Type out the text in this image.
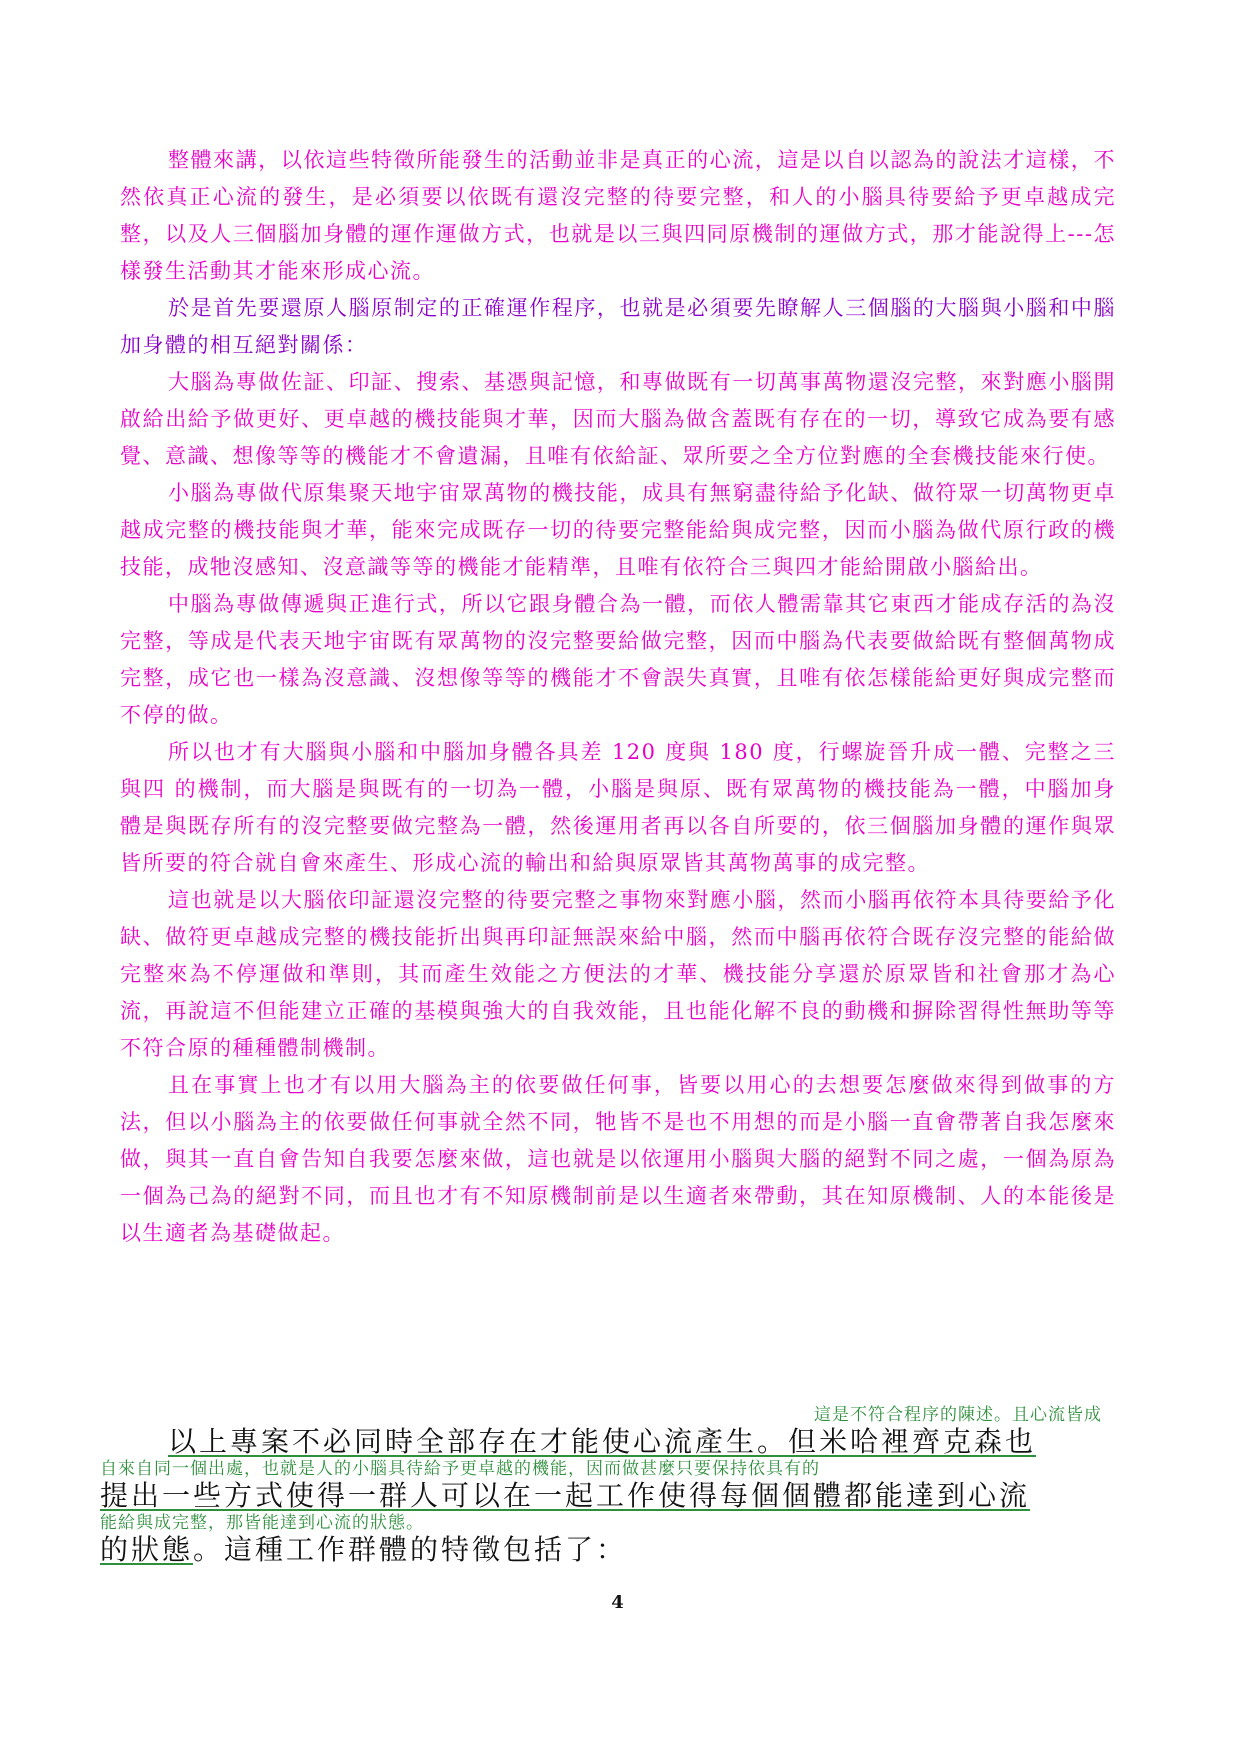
整體來講，以依這些特徵所能發生的活動並非是真正的心流，這是以自以認為的說法才這樣，不然依真正心流的發生，是必須要以依既有還沒完整的待要完整，和人的小腦具待要給予更卓越成完整，以及人三個腦加身體的運作運做方式，也就是以三與四同原機制的運做方式，那才能說得上---怎樣發生活動其才能來形成心流。

於是首先要還原人腦原制定的正確運作程序，也就是必須要先瞭解人三個腦的大腦與小腦和中腦加身體的相互絕對關係：

大腦為專做佐証、印証、搜索、基憑與記憶，和專做既有一切萬事萬物還沒完整，來對應小腦開啟給出給予做更好、更卓越的機技能與才華，因而大腦為做含蓋既有存在的一切，導致它成為要有感覺、意識、想像等等的機能才不會遺漏，且唯有依給証、眾所要之全方位對應的全套機技能來行使。

小腦為專做代原集聚天地宇宙眾萬物的機技能，成具有無窮盡待給予化缺、做符眾一切萬物更卓越成完整的機技能與才華，能來完成既存一切的待要完整能給與成完整，因而小腦為做代原行政的機技能，成牠沒感知、沒意識等等的機能才能精準，且唯有依符合三與四才能給開啟小腦給出。

中腦為專做傳遞與正進行式，所以它跟身體合為一體，而依人體需靠其它東西才能成存活的為沒完整，等成是代表天地宇宙既有眾萬物的沒完整要給做完整，因而中腦為代表要做給既有整個萬物成完整，成它也一樣為沒意識、沒想像等等的機能才不會誤失真實，且唯有依怎樣能給更好與成完整而不停的做。

所以也才有大腦與小腦和中腦加身體各具差 120 度與 180 度，行螺旋晉升成一體、完整之三與四 的機制，而大腦是與既有的一切為一體，小腦是與原、既有眾萬物的機技能為一體，中腦加身體是與既存所有的沒完整要做完整為一體，然後運用者再以各自所要的，依三個腦加身體的運作與眾皆所要的符合就自會來產生、形成心流的輸出和給與原眾皆其萬物萬事的成完整。

這也就是以大腦依印証還沒完整的待要完整之事物來對應小腦，然而小腦再依符本具待要給予化缺、做符更卓越成完整的機技能折出與再印証無誤來給中腦，然而中腦再依符合既存沒完整的能給做完整來為不停運做和準則，其而產生效能之方便法的才華、機技能分享還於原眾皆和社會那才為心流，再說這不但能建立正確的基模與強大的自我效能，且也能化解不良的動機和摒除習得性無助等等不符合原的種種體制機制。

且在事實上也才有以用大腦為主的依要做任何事，皆要以用心的去想要怎麼做來得到做事的方法，但以小腦為主的依要做任何事就全然不同，牠皆不是也不用想的而是小腦一直會帶著自我怎麼來做，與其一直自會告知自我要怎麼來做，這也就是以依運用小腦與大腦的絕對不同之處，一個為原為一個為己為的絕對不同，而且也才有不知原機制前是以生適者來帶動，其在知原機制、人的本能後是以生適者為基礎做起。

這是不符合程序的陳述。且心流皆成

以上專案不必同時全部存在才能使心流產生。但米哈裡齊克森也

自來自同一個出處，也就是人的小腦具待給予更卓越的機能，因而做甚麼只要保持依具有的

提出一些方式使得一群人可以在一起工作使得每個個體都能達到心流

能給與成完整，那皆能達到心流的狀態。

的狀態。這種工作群體的特徵包括了：

4
